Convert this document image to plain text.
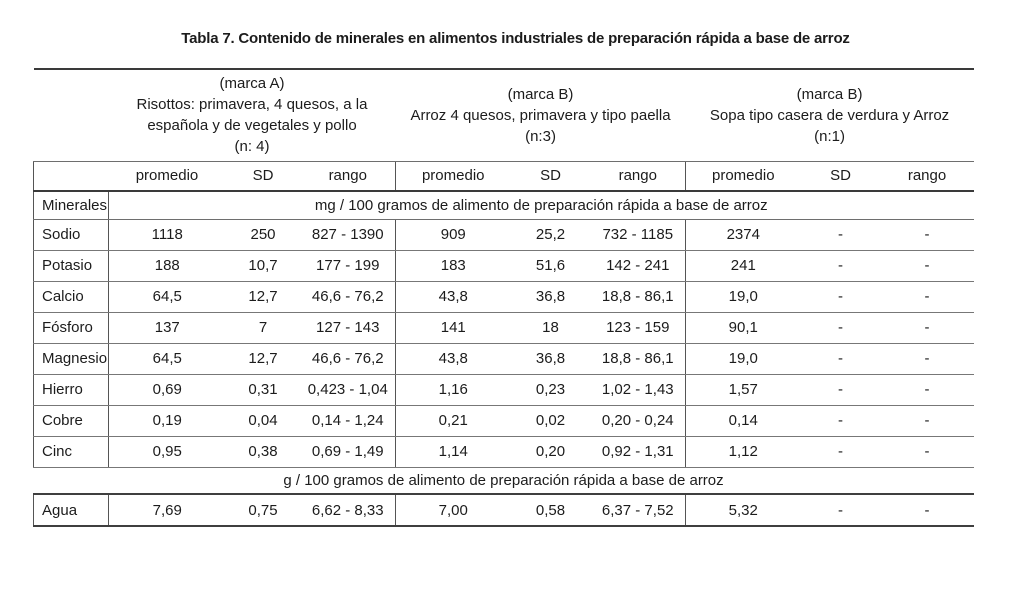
Tabla 7. Contenido de minerales en alimentos industriales de preparación rápida a base de arroz

(marca A)
Risottos: primavera, 4 quesos, a la española y de vegetales y pollo
(n: 4)

(marca B)
Arroz 4 quesos, primavera y tipo paella
(n:3)

(marca B)
Sopa tipo casera de verdura y Arroz
(n:1)

	promedio	SD	rango	promedio	SD	rango	promedio	SD	rango
Minerales	mg / 100 gramos de alimento de preparación rápida a base de arroz								
Sodio	1118	250	827 - 1390	909	25,2	732 - 1185	2374	-	-
Potasio	188	10,7	177 - 199	183	51,6	142 - 241	241	-	-
Calcio	64,5	12,7	46,6 - 76,2	43,8	36,8	18,8 - 86,1	19,0	-	-
Fósforo	137	7	127 - 143	141	18	123 - 159	90,1	-	-
Magnesio	64,5	12,7	46,6 - 76,2	43,8	36,8	18,8 - 86,1	19,0	-	-
Hierro	0,69	0,31	0,423 - 1,04	1,16	0,23	1,02 - 1,43	1,57	-	-
Cobre	0,19	0,04	0,14 - 1,24	0,21	0,02	0,20 - 0,24	0,14	-	-
Cinc	0,95	0,38	0,69 - 1,49	1,14	0,20	0,92 - 1,31	1,12	-	-
g / 100 gramos de alimento de preparación rápida a base de arroz									
Agua	7,69	0,75	6,62 - 8,33	7,00	0,58	6,37 - 7,52	5,32	-	-
